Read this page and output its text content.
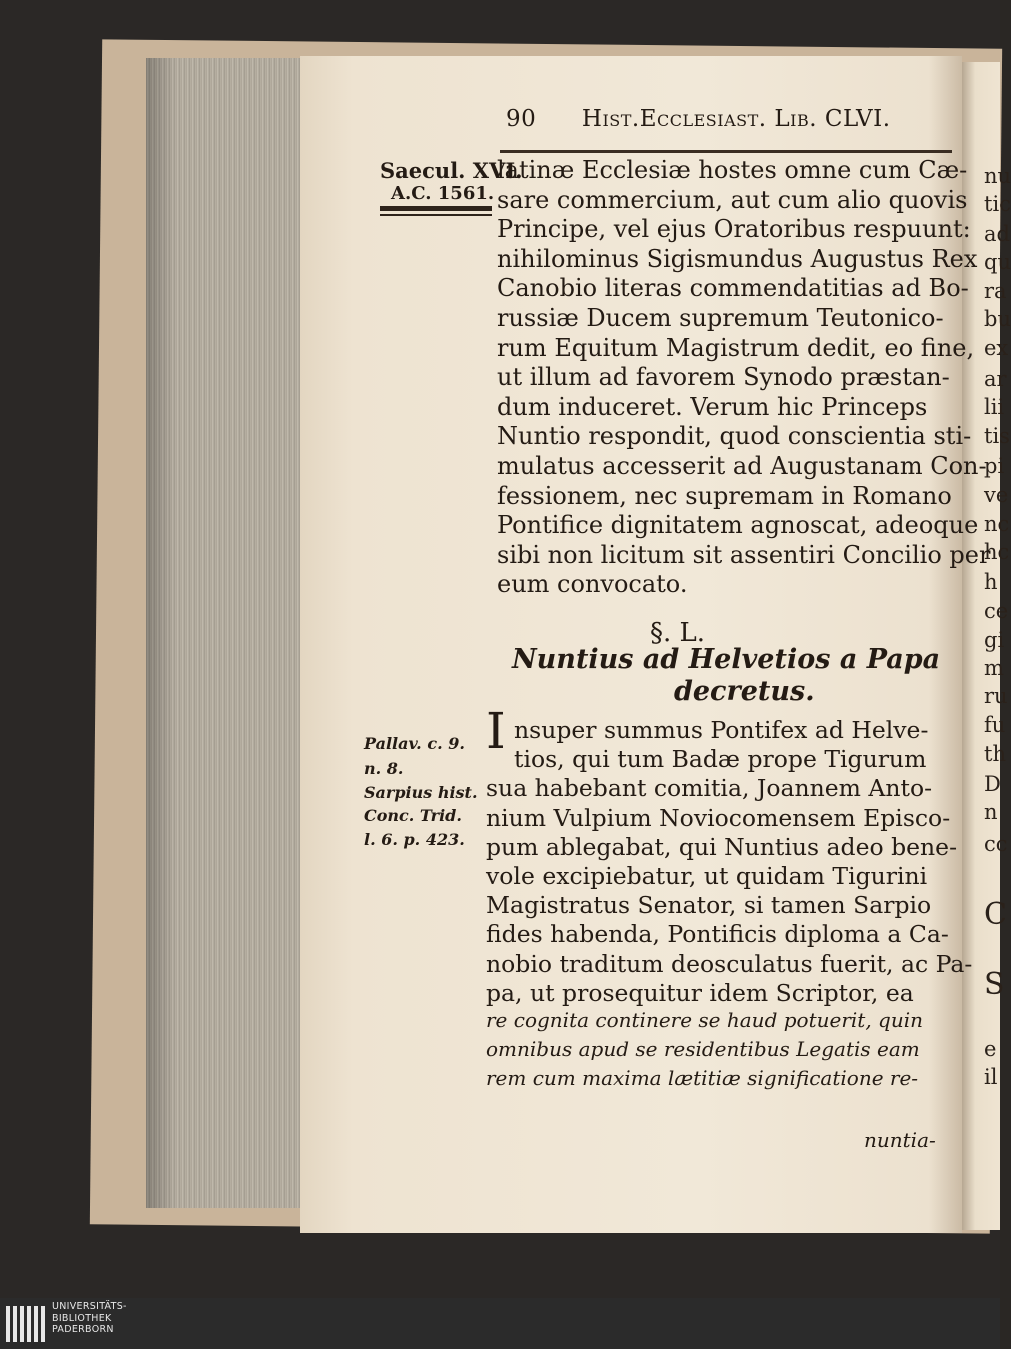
nu
tic
ad
qu
ra
bu
ex
ar
lii
tis
pi
ve
nc
hc
h
ce
gi
m
ru
fu
th
D
n
cc
C
S
e
il
90 Hist.Ecclesiast. Lib. CLVI.
Saecul. XVI.
A.C. 1561.
latinæ Ecclesiæ hostes omne cum Cæ-
sare commercium, aut cum alio quovis
Principe, vel ejus Oratoribus respuunt:
nihilominus Sigismundus Augustus Rex
Canobio literas commendatitias ad Bo-
russiæ Ducem supremum Teutonico-
rum Equitum Magistrum dedit, eo fine,
ut illum ad favorem Synodo præstan-
dum induceret. Verum hic Princeps
Nuntio respondit, quod conscientia sti-
mulatus accesserit ad Augustanam Con-
fessionem, nec supremam in Romano
Pontifice dignitatem agnoscat, adeoque
sibi non licitum sit assentiri Concilio per
eum convocato.
§. L.
Nuntius ad Helvetios a Papa
decretus.
Pallav. c. 9.
n. 8.
Sarpius hist.
Conc. Trid.
l. 6. p. 423.
I nsuper summus Pontifex ad Helve-
tios, qui tum Badæ prope Tigurum
sua habebant comitia, Joannem Anto-
nium Vulpium Noviocomensem Episco-
pum ablegabat, qui Nuntius adeo bene-
vole excipiebatur, ut quidam Tigurini
Magistratus Senator, si tamen Sarpio
fides habenda, Pontificis diploma a Ca-
nobio traditum deosculatus fuerit, ac Pa-
pa, ut prosequitur idem Scriptor, ea
re cognita continere se haud potuerit, quin
omnibus apud se residentibus Legatis eam
rem cum maxima lætitiæ significatione re-
nuntia-
UNIVERSITÄTS-
BIBLIOTHEK
PADERBORN
